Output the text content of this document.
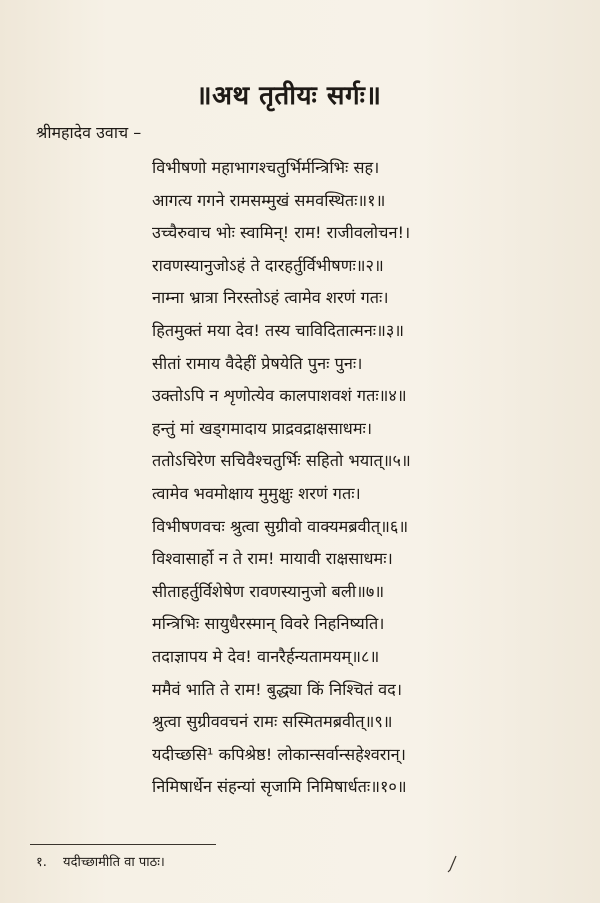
॥अथ तृतीयः सर्गः॥
श्रीमहादेव उवाच –
विभीषणो महाभागश्चतुर्भिर्मन्त्रिभिः सह।
आगत्य गगने रामसम्मुखं समवस्थितः॥१॥
उच्चैरुवाच भोः स्वामिन्! राम! राजीवलोचन!।
रावणस्यानुजोऽहं ते दारहर्तुर्विभीषणः॥२॥
नाम्ना भ्रात्रा निरस्तोऽहं त्वामेव शरणं गतः।
हितमुक्तं मया देव! तस्य चाविदितात्मनः॥३॥
सीतां रामाय वैदेहीं प्रेषयेति पुनः पुनः।
उक्तोऽपि न शृणोत्येव कालपाशवशं गतः॥४॥
हन्तुं मां खड्गमादाय प्राद्रवद्राक्षसाधमः।
ततोऽचिरेण सचिवैश्चतुर्भिः सहितो भयात्॥५॥
त्वामेव भवमोक्षाय मुमुक्षुः शरणं गतः।
विभीषणवचः श्रुत्वा सुग्रीवो वाक्यमब्रवीत्॥६॥
विश्वासार्हो न ते राम! मायावी राक्षसाधमः।
सीताहर्तुर्विशेषेण रावणस्यानुजो बली॥७॥
मन्त्रिभिः सायुधैरस्मान् विवरे निहनिष्यति।
तदाज्ञापय मे देव! वानरैर्हन्यतामयम्॥८॥
ममैवं भाति ते राम! बुद्ध्या किं निश्चितं वद।
श्रुत्वा सुग्रीववचनं रामः सस्मितमब्रवीत्॥९॥
यदीच्छसि¹ कपिश्रेष्ठ! लोकान्सर्वान्सहेश्वरान्।
निमिषार्धेन संहन्यां सृजामि निमिषार्धतः॥१०॥
१. यदीच्छामीति वा पाठः।
